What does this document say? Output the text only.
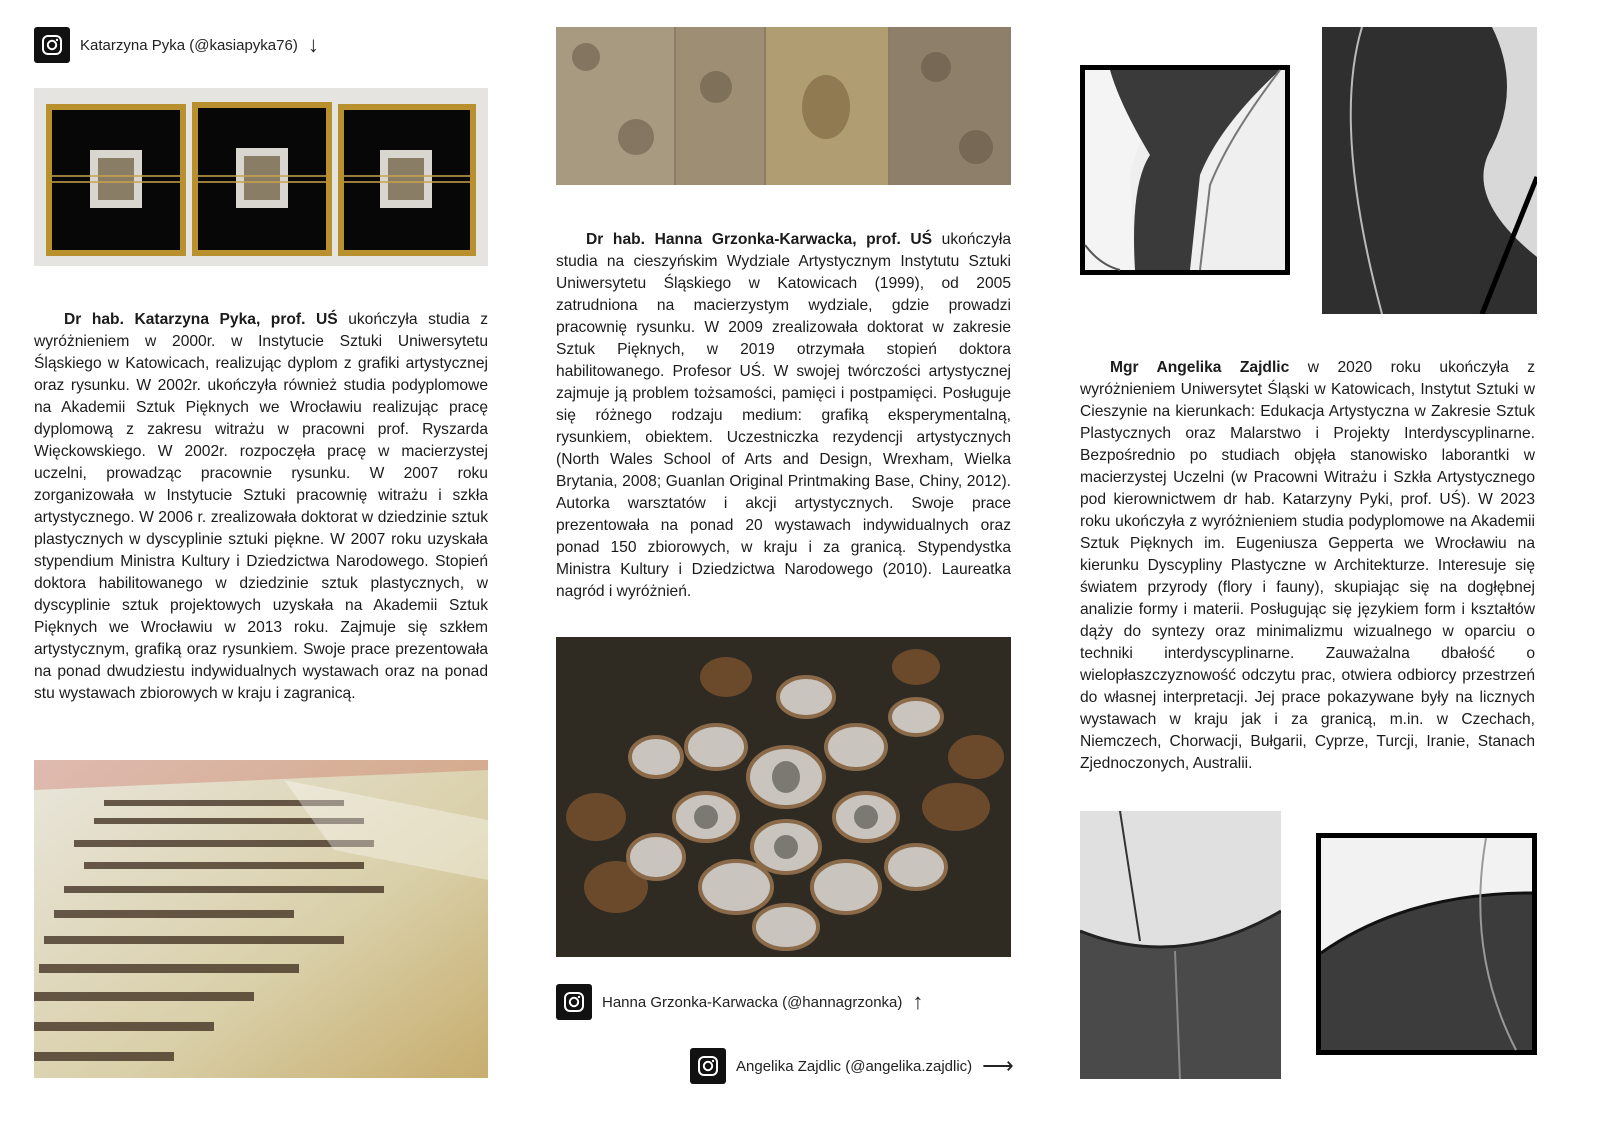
Katarzyna Pyka (@kasiapyka76) ↓

Dr hab. Katarzyna Pyka, prof. UŚ ukończyła studia z wyróżnieniem w 2000r. w Instytucie Sztuki Uniwersytetu Śląskiego w Katowicach, realizując dyplom z grafiki artystycznej oraz rysunku. W 2002r. ukończyła również studia podyplomowe na Akademii Sztuk Pięknych we Wrocławiu realizując pracę dyplomową z zakresu witrażu w pracowni prof. Ryszarda Więckowskiego. W 2002r. rozpoczęła pracę w macierzystej uczelni, prowadząc pracownie rysunku. W 2007 roku zorganizowała w Instytucie Sztuki pracownię witrażu i szkła artystycznego. W 2006 r. zrealizowała doktorat w dziedzinie sztuk plastycznych w dyscyplinie sztuki piękne. W 2007 roku uzyskała stypendium Ministra Kultury i Dziedzictwa Narodowego. Stopień doktora habilitowanego w dziedzinie sztuk plastycznych, w dyscyplinie sztuk projektowych uzyskała na Akademii Sztuk Pięknych we Wrocławiu w 2013 roku. Zajmuje się szkłem artystycznym, grafiką oraz rysunkiem. Swoje prace prezentowała na ponad dwudziestu indywidualnych wystawach oraz na ponad stu wystawach zbiorowych w kraju i zagranicą.

Dr hab. Hanna Grzonka-Karwacka, prof. UŚ ukończyła studia na cieszyńskim Wydziale Artystycznym Instytutu Sztuki Uniwersytetu Śląskiego w Katowicach (1999), od 2005 zatrudniona na macierzystym wydziale, gdzie prowadzi pracownię rysunku. W 2009 zrealizowała doktorat w zakresie Sztuk Pięknych, w 2019 otrzymała stopień doktora habilitowanego. Profesor UŚ. W swojej twórczości artystycznej zajmuje ją problem tożsamości, pamięci i postpamięci. Posługuje się różnego rodzaju medium: grafiką eksperymentalną, rysunkiem, obiektem. Uczestniczka rezydencji artystycznych (North Wales School of Arts and Design, Wrexham, Wielka Brytania, 2008; Guanlan Original Printmaking Base, Chiny, 2012). Autorka warsztatów i akcji artystycznych. Swoje prace prezentowała na ponad 20 wystawach indywidualnych oraz ponad 150 zbiorowych, w kraju i za granicą. Stypendystka Ministra Kultury i Dziedzictwa Narodowego (2010). Laureatka nagród i wyróżnień.

Hanna Grzonka-Karwacka (@hannagrzonka) ↑
Angelika Zajdlic (@angelika.zajdlic) ⟶

Mgr Angelika Zajdlic w 2020 roku ukończyła z wyróżnieniem Uniwersytet Śląski w Katowicach, Instytut Sztuki w Cieszynie na kierunkach: Edukacja Artystyczna w Zakresie Sztuk Plastycznych oraz Malarstwo i Projekty Interdyscyplinarne. Bezpośrednio po studiach objęła stanowisko laborantki w macierzystej Uczelni (w Pracowni Witrażu i Szkła Artystycznego pod kierownictwem dr hab. Katarzyny Pyki, prof. UŚ). W 2023 roku ukończyła z wyróżnieniem studia podyplomowe na Akademii Sztuk Pięknych im. Eugeniusza Gepperta we Wrocławiu na kierunku Dyscypliny Plastyczne w Architekturze. Interesuje się światem przyrody (flory i fauny), skupiając się na dogłębnej analizie formy i materii. Posługując się językiem form i kształtów dąży do syntezy oraz minimalizmu wizualnego w oparciu o techniki interdyscyplinarne. Zauważalna dbałość o wielopłaszczyznowość odczytu prac, otwiera odbiorcy przestrzeń do własnej interpretacji. Jej prace pokazywane były na licznych wystawach w kraju jak i za granicą, m.in. w Czechach, Niemczech, Chorwacji, Bułgarii, Cyprze, Turcji, Iranie, Stanach Zjednoczonych, Australii.
